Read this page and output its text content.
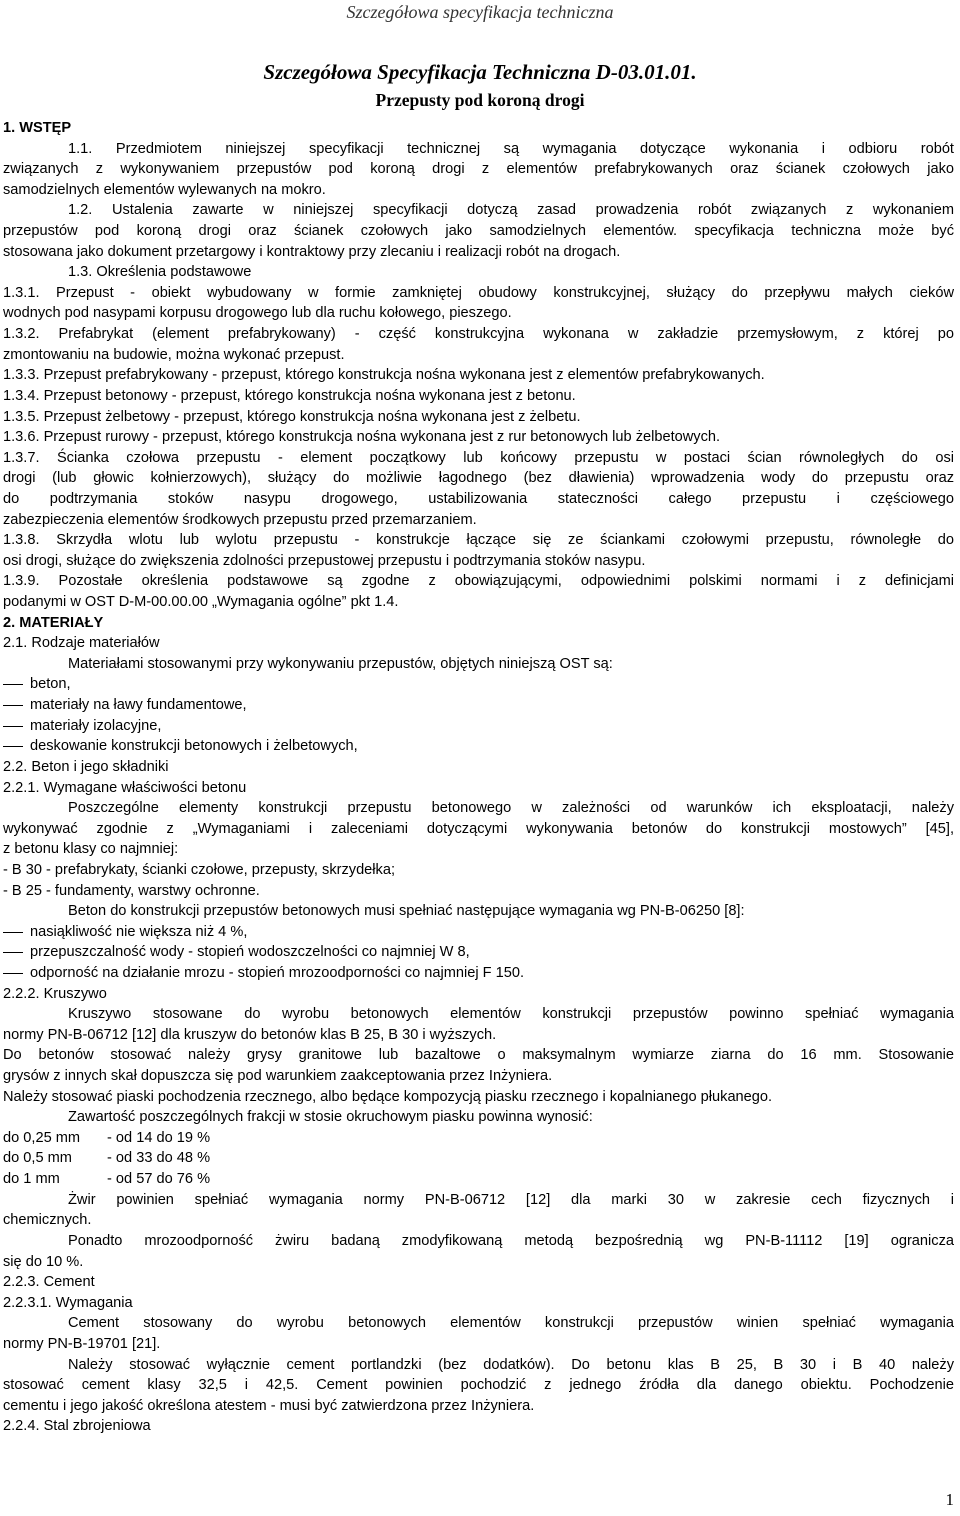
Szczegółowa specyfikacja techniczna
Szczegółowa Specyfikacja Techniczna D-03.01.01.
Przepusty pod koroną drogi
1. WSTĘP
1.1. Przedmiotem niniejszej specyfikacji technicznej są wymagania dotyczące wykonania i odbioru robót
związanych z wykonywaniem przepustów pod koroną drogi z elementów prefabrykowanych oraz ścianek czołowych jako
samodzielnych elementów wylewanych na mokro.
1.2. Ustalenia zawarte w niniejszej specyfikacji dotyczą zasad prowadzenia robót związanych z wykonaniem
przepustów pod koroną drogi oraz ścianek czołowych jako samodzielnych elementów. specyfikacja techniczna może być
stosowana jako dokument przetargowy i kontraktowy przy zlecaniu i realizacji robót na drogach.
1.3. Określenia podstawowe
1.3.1. Przepust - obiekt wybudowany w formie zamkniętej obudowy konstrukcyjnej, służący do przepływu małych cieków
wodnych pod nasypami korpusu drogowego lub dla ruchu kołowego, pieszego.
1.3.2. Prefabrykat (element prefabrykowany) - część konstrukcyjna wykonana w zakładzie przemysłowym, z której po
zmontowaniu na budowie, można wykonać przepust.
1.3.3. Przepust prefabrykowany - przepust, którego konstrukcja nośna wykonana jest z elementów prefabrykowanych.
1.3.4. Przepust betonowy - przepust, którego konstrukcja nośna wykonana jest z betonu.
1.3.5. Przepust żelbetowy - przepust, którego konstrukcja nośna wykonana jest z żelbetu.
1.3.6. Przepust rurowy - przepust, którego konstrukcja nośna wykonana jest z rur betonowych lub żelbetowych.
1.3.7. Ścianka czołowa przepustu - element początkowy lub końcowy przepustu w postaci ścian równoległych do osi
drogi (lub głowic kołnierzowych), służący do możliwie łagodnego (bez dławienia) wprowadzenia wody do przepustu oraz
do podtrzymania stoków nasypu drogowego, ustabilizowania stateczności całego przepustu i częściowego
zabezpieczenia elementów środkowych przepustu przed przemarzaniem.
1.3.8. Skrzydła wlotu lub wylotu przepustu - konstrukcje łączące się ze ściankami czołowymi przepustu, równoległe do
osi drogi, służące do zwiększenia zdolności przepustowej przepustu i podtrzymania stoków nasypu.
1.3.9. Pozostałe określenia podstawowe są zgodne z obowiązującymi, odpowiednimi polskimi normami i z definicjami
podanymi w OST D-M-00.00.00 „Wymagania ogólne” pkt 1.4.
2. MATERIAŁY
2.1. Rodzaje materiałów
Materiałami stosowanymi przy wykonywaniu przepustów, objętych niniejszą OST są:
beton,
materiały na ławy fundamentowe,
materiały izolacyjne,
deskowanie konstrukcji betonowych i żelbetowych,
2.2. Beton i jego składniki
2.2.1. Wymagane właściwości betonu
Poszczególne elementy konstrukcji przepustu betonowego w zależności od warunków ich eksploatacji, należy
wykonywać zgodnie z „Wymaganiami i zaleceniami dotyczącymi wykonywania betonów do konstrukcji mostowych” [45],
z betonu klasy co najmniej:
- B 30 - prefabrykaty, ścianki czołowe, przepusty, skrzydełka;
- B 25 - fundamenty, warstwy ochronne.
Beton do konstrukcji przepustów betonowych musi spełniać następujące wymagania wg PN-B-06250 [8]:
nasiąkliwość nie większa niż 4 %,
przepuszczalność wody - stopień wodoszczelności co najmniej W 8,
odporność na działanie mrozu - stopień mrozoodporności co najmniej F 150.
2.2.2. Kruszywo
Kruszywo stosowane do wyrobu betonowych elementów konstrukcji przepustów powinno spełniać wymagania
normy PN-B-06712 [12] dla kruszyw do betonów klas B 25, B 30 i wyższych.
Do betonów stosować należy grysy granitowe lub bazaltowe o maksymalnym wymiarze ziarna do 16 mm. Stosowanie
grysów z innych skał dopuszcza się pod warunkiem zaakceptowania przez Inżyniera.
Należy stosować piaski pochodzenia rzecznego, albo będące kompozycją piasku rzecznego i kopalnianego płukanego.
Zawartość poszczególnych frakcji w stosie okruchowym piasku powinna wynosić:
do 0,25 mm - od 14 do 19 %
do 0,5 mm - od 33 do 48 %
do 1 mm	- od 57 do 76 %
Żwir powinien spełniać wymagania normy PN-B-06712 [12] dla marki 30 w zakresie cech fizycznych i
chemicznych.
Ponadto mrozoodporność żwiru badaną zmodyfikowaną metodą bezpośrednią wg PN-B-11112 [19] ogranicza
się do 10 %.
2.2.3. Cement
2.2.3.1. Wymagania
Cement stosowany do wyrobu betonowych elementów konstrukcji przepustów winien spełniać wymagania
normy PN-B-19701 [21].
Należy stosować wyłącznie cement portlandzki (bez dodatków). Do betonu klas B 25, B 30 i B 40 należy
stosować cement klasy 32,5 i 42,5. Cement powinien pochodzić z jednego źródła dla danego obiektu. Pochodzenie
cementu i jego jakość określona atestem - musi być zatwierdzona przez Inżyniera.
2.2.4. Stal zbrojeniowa
1
